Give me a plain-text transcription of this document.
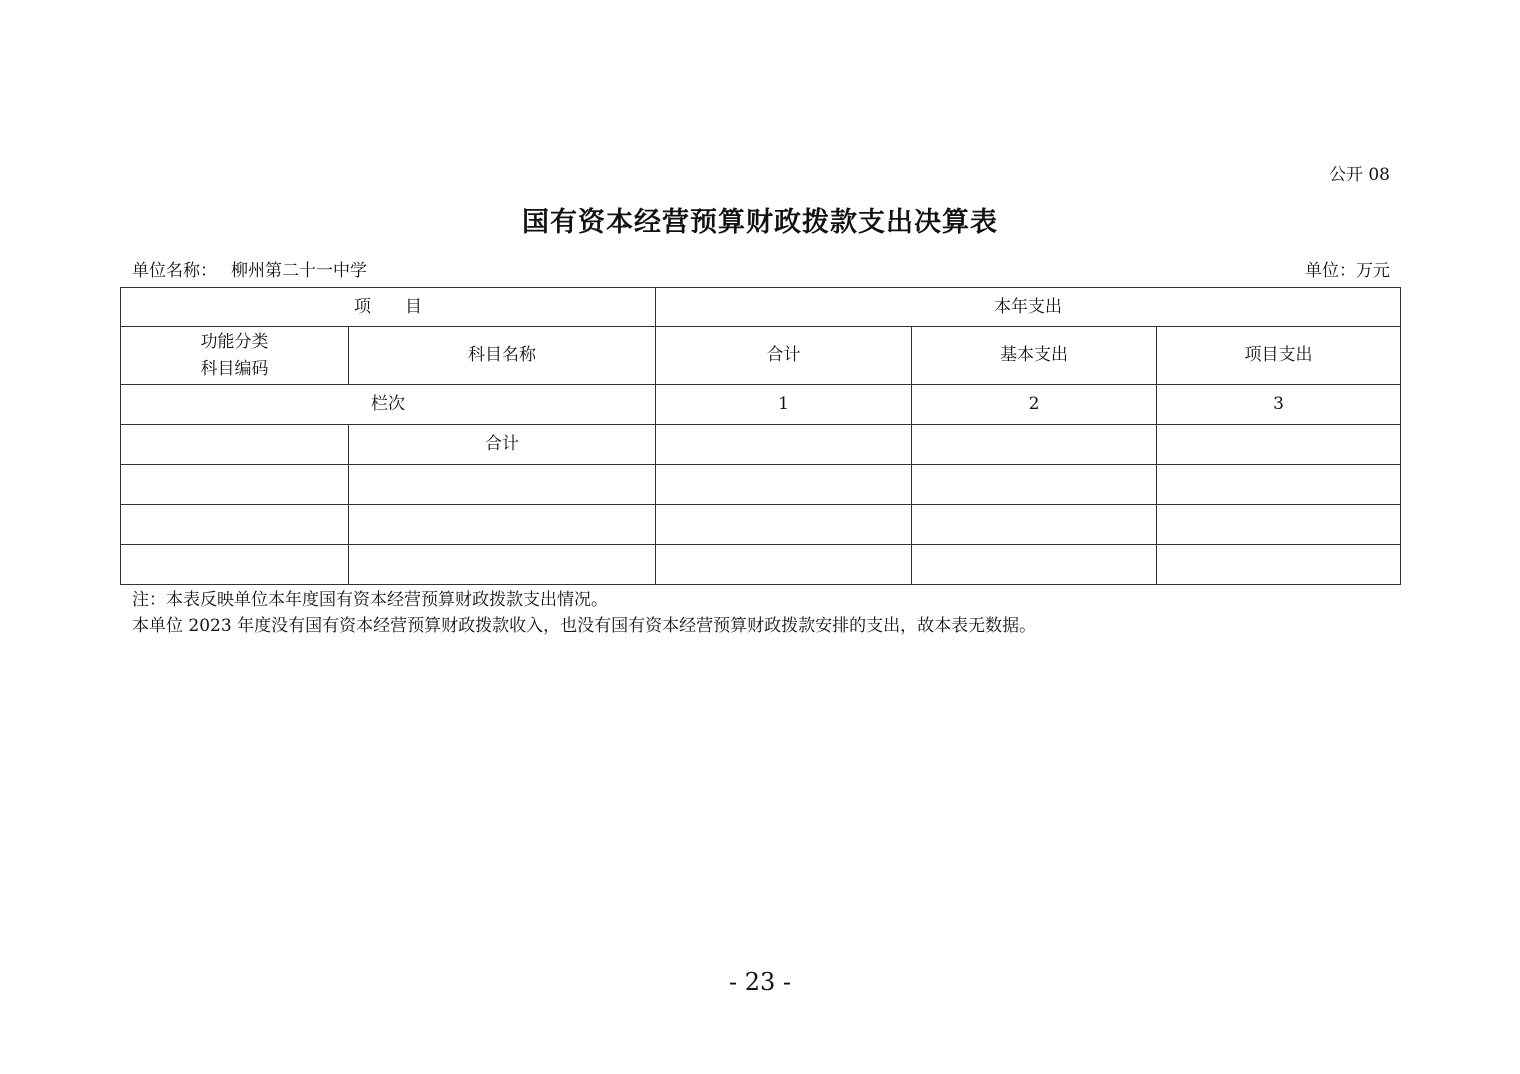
公开 08
国有资本经营预算财政拨款支出决算表
单位名称： 柳州第二十一中学	单位：万元
项　　目		本年支出		

功能分类
科目编码	科目名称	合计	基本支出	项目支出
栏次		1	2	3
	合计			

注：本表反映单位本年度国有资本经营预算财政拨款支出情况。
本单位 2023 年度没有国有资本经营预算财政拨款收入，也没有国有资本经营预算财政拨款安排的支出，故本表无数据。
- 23 -
